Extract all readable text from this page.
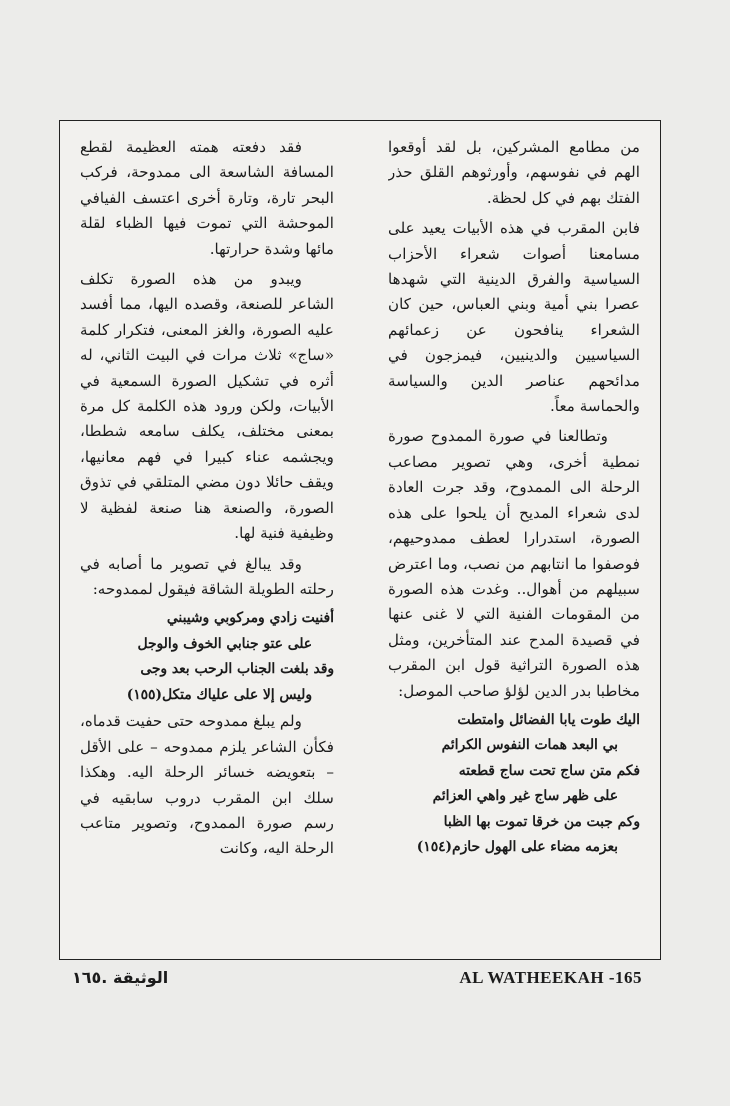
من مطامع المشركين، بل لقد أوقعوا الهم في نفوسهم، وأورثوهم القلق حذر الفتك بهم في كل لحظة.

فابن المقرب في هذه الأبيات يعيد على مسامعنا أصوات شعراء الأحزاب السياسية والفرق الدينية التي شهدها عصرا بني أمية وبني العباس، حين كان الشعراء ينافحون عن زعمائهم السياسيين والدينيين، فيمزجون في مدائحهم عناصر الدين والسياسة والحماسة معاً.

وتطالعنا في صورة الممدوح صورة نمطية أخرى، وهي تصوير مصاعب الرحلة الى الممدوح، وقد جرت العادة لدى شعراء المديح أن يلحوا على هذه الصورة، استدرارا لعطف ممدوحيهم، فوصفوا ما انتابهم من نصب، وما اعترض سبيلهم من أهوال.. وغدت هذه الصورة من المقومات الفنية التي لا غنى عنها في قصيدة المدح عند المتأخرين، ومثل هذه الصورة التراثية قول ابن المقرب مخاطبا بدر الدين لؤلؤ صاحب الموصل:

اليك طوت يابا الفضائل وامتطت
بي البعد همات النفوس الكرائم
فكم متن ساج تحت ساج قطعته
على ظهر ساج غير واهي العزائم
وكم جبت من خرقا تموت بها الظبا
بعزمه مضاء على الهول حازم(١٥٤)

فقد دفعته همته العظيمة لقطع المسافة الشاسعة الى ممدوحة، فركب البحر تارة، وتارة أخرى اعتسف الفيافي الموحشة التي تموت فيها الظباء لقلة مائها وشدة حرارتها.

ويبدو من هذه الصورة تكلف الشاعر للصنعة، وقصده اليها، مما أفسد عليه الصورة، والغز المعنى، فتكرار كلمة «ساج» ثلاث مرات في البيت الثاني، له أثره في تشكيل الصورة السمعية في الأبيات، ولكن ورود هذه الكلمة كل مرة بمعنى مختلف، يكلف سامعه شططا، ويجشمه عناء كبيرا في فهم معانيها، ويقف حائلا دون مضي المتلقي في تذوق الصورة، والصنعة هنا صنعة لفظية لا وظيفية فنية لها.

وقد يبالغ في تصوير ما أصابه في رحلته الطويلة الشاقة فيقول لممدوحه:

أفنيت زادي ومركوبي وشيبني
على عتو جنابي الخوف والوجل
وقد بلغت الجناب الرحب بعد وجى
وليس إلا على علياك متكل(١٥٥)

ولم يبلغ ممدوحه حتى حفيت قدماه، فكأن الشاعر يلزم ممدوحه – على الأقل – بتعويضه خسائر الرحلة اليه. وهكذا سلك ابن المقرب دروب سابقيه في رسم صورة الممدوح، وتصوير متاعب الرحلة اليه، وكانت

AL WATHEEKAH -165
الوثيقة .١٦٥
